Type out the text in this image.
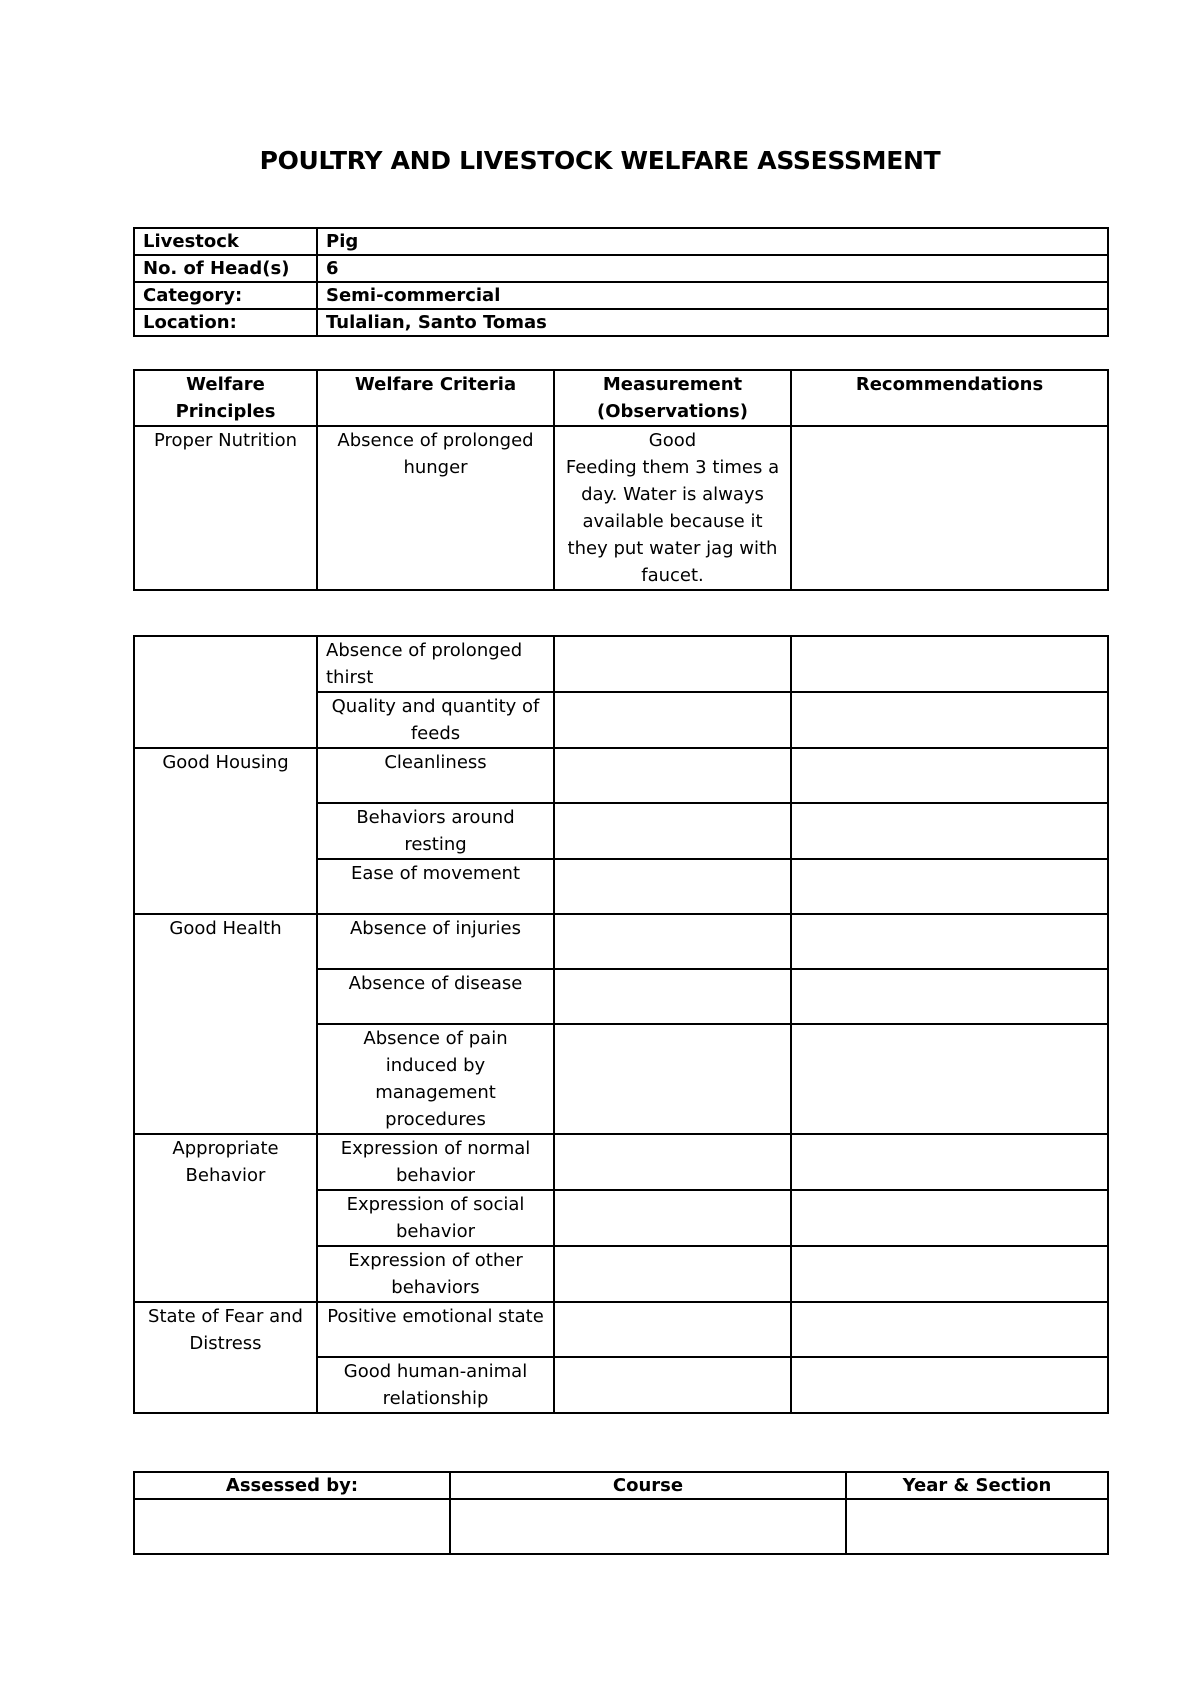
POULTRY AND LIVESTOCK WELFARE ASSESSMENT
Livestock	Pig
No. of Head(s)	6
Category:	Semi-commercial
Location:	Tulalian, Santo Tomas
Welfare Principles	Welfare Criteria	Measurement (Observations)	Recommendations
Proper Nutrition	Absence of prolonged hunger	Good
Feeding them 3 times a day. Water is always available because it they put water jag with faucet.	

	Absence of prolonged thirst		
	Quality and quantity of feeds		
Good Housing	Cleanliness		
	Behaviors around resting		
	Ease of movement		
Good Health	Absence of injuries		
	Absence of disease		
	Absence of pain induced by management procedures		
Appropriate Behavior	Expression of normal behavior		
	Expression of social behavior		
	Expression of other behaviors		
State of Fear and Distress	Positive emotional state		
	Good human-animal relationship		
Assessed by:	Course	Year & Section
